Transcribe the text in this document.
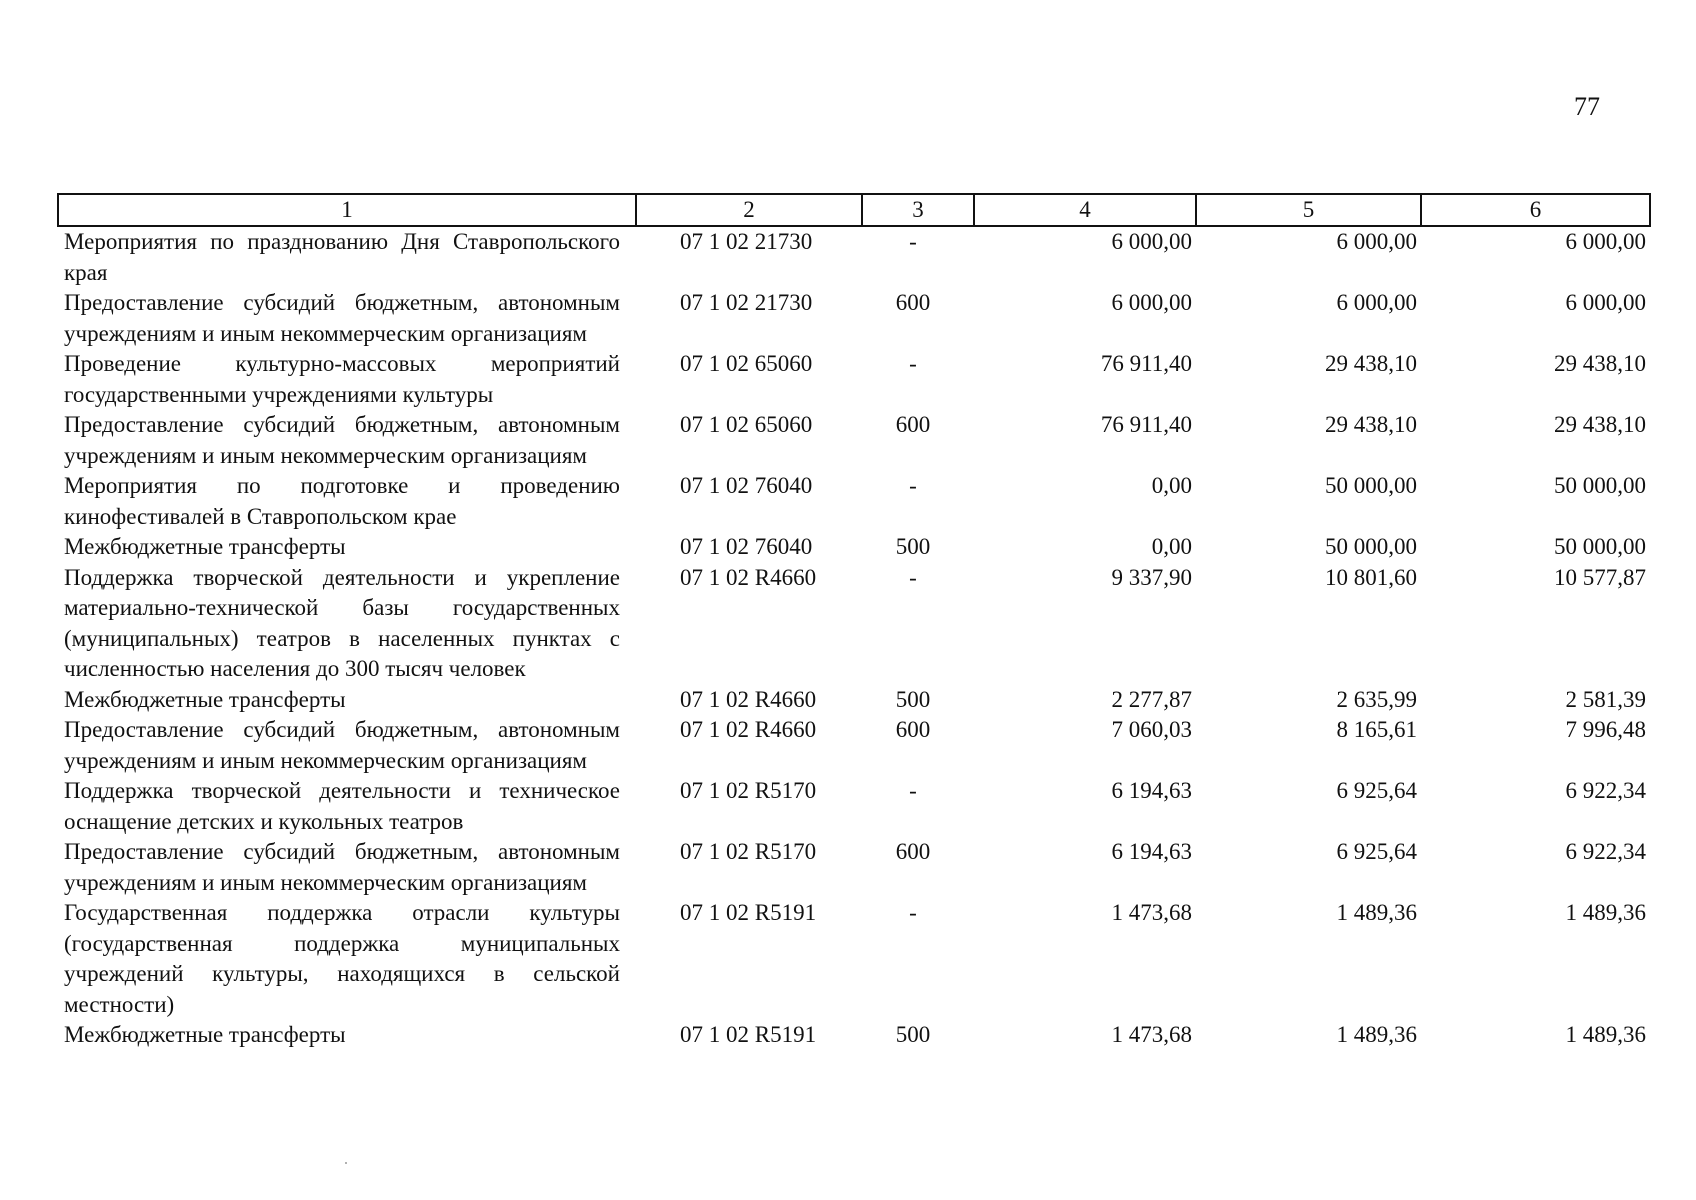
77
1	2	3	4	5	6
Мероприятия по празднованию Дня Ставропольского края	07 1 02 21730	-	6 000,00	6 000,00	6 000,00
Предоставление субсидий бюджетным, автономным учреждениям и иным некоммерческим организациям	07 1 02 21730	600	6 000,00	6 000,00	6 000,00
Проведение культурно-массовых мероприятий государственными учреждениями культуры	07 1 02 65060	-	76 911,40	29 438,10	29 438,10
Предоставление субсидий бюджетным, автономным учреждениям и иным некоммерческим организациям	07 1 02 65060	600	76 911,40	29 438,10	29 438,10
Мероприятия по подготовке и проведению кинофестивалей в Ставропольском крае	07 1 02 76040	-	0,00	50 000,00	50 000,00
Межбюджетные трансферты	07 1 02 76040	500	0,00	50 000,00	50 000,00
Поддержка творческой деятельности и укрепление материально-технической базы государственных (муниципальных) театров в населенных пунктах с численностью населения до 300 тысяч человек	07 1 02 R4660	-	9 337,90	10 801,60	10 577,87
Межбюджетные трансферты	07 1 02 R4660	500	2 277,87	2 635,99	2 581,39
Предоставление субсидий бюджетным, автономным учреждениям и иным некоммерческим организациям	07 1 02 R4660	600	7 060,03	8 165,61	7 996,48
Поддержка творческой деятельности и техническое оснащение детских и кукольных театров	07 1 02 R5170	-	6 194,63	6 925,64	6 922,34
Предоставление субсидий бюджетным, автономным учреждениям и иным некоммерческим организациям	07 1 02 R5170	600	6 194,63	6 925,64	6 922,34
Государственная поддержка отрасли культуры (государственная поддержка муниципальных учреждений культуры, находящихся в сельской местности)	07 1 02 R5191	-	1 473,68	1 489,36	1 489,36
Межбюджетные трансферты	07 1 02 R5191	500	1 473,68	1 489,36	1 489,36
